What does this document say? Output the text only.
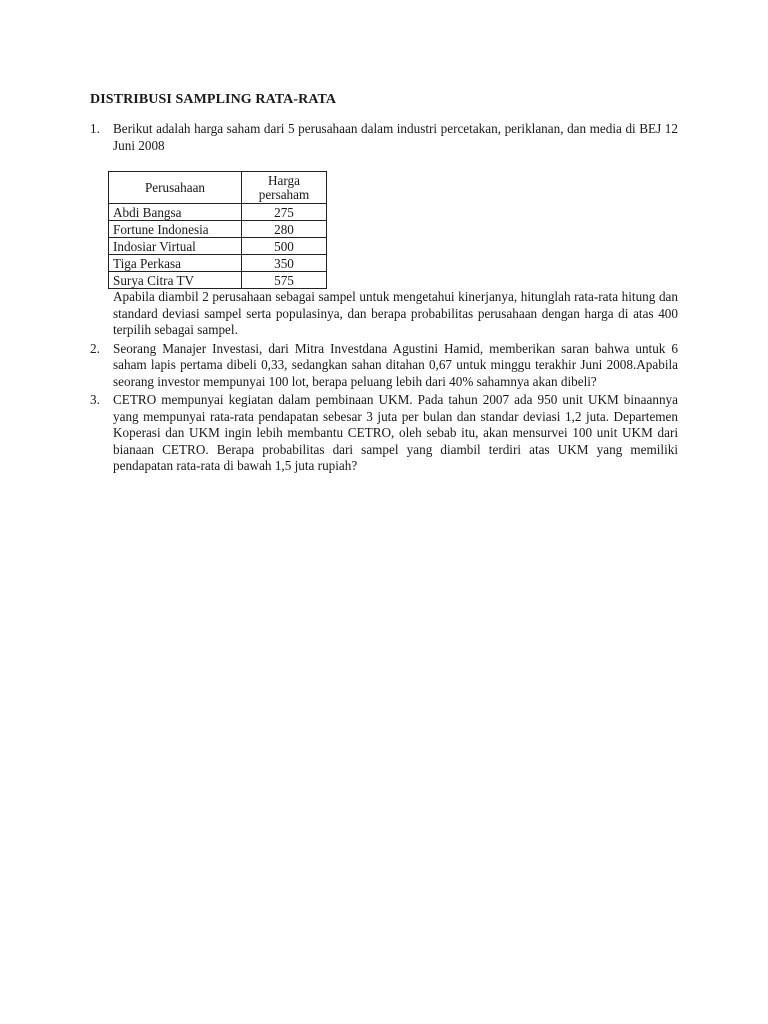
DISTRIBUSI SAMPLING RATA-RATA
1. Berikut adalah harga saham dari 5 perusahaan dalam industri percetakan, periklanan, dan media di BEJ 12 Juni 2008

Perusahaan	Harga persaham
Abdi Bangsa	275
Fortune Indonesia	280
Indosiar Virtual	500
Tiga Perkasa	350
Surya Citra TV	575

Apabila diambil 2 perusahaan sebagai sampel untuk mengetahui kinerjanya, hitunglah rata-rata hitung dan standard deviasi sampel serta populasinya, dan berapa probabilitas perusahaan dengan harga di atas 400 terpilih sebagai sampel.

2. Seorang Manajer Investasi, dari Mitra Investdana Agustini Hamid, memberikan saran bahwa untuk 6 saham lapis pertama dibeli 0,33, sedangkan sahan ditahan 0,67 untuk minggu terakhir Juni 2008.Apabila seorang investor mempunyai 100 lot, berapa peluang lebih dari 40% sahamnya akan dibeli?

3. CETRO mempunyai kegiatan dalam pembinaan UKM. Pada tahun 2007 ada 950 unit UKM binaannya yang mempunyai rata-rata pendapatan sebesar 3 juta per bulan dan standar deviasi 1,2 juta. Departemen Koperasi dan UKM ingin lebih membantu CETRO, oleh sebab itu, akan mensurvei 100 unit UKM dari bianaan CETRO. Berapa probabilitas dari sampel yang diambil terdiri atas UKM yang memiliki pendapatan rata-rata di bawah 1,5 juta rupiah?
